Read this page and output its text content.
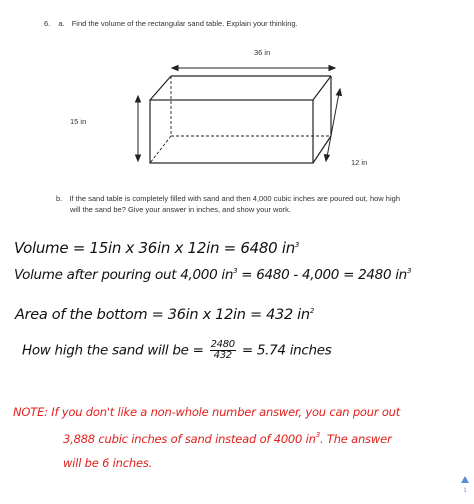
6. a. Find the volume of the rectangular sand table. Explain your thinking.
36 in
15 in
12 in
b. If the sand table is completely filled with sand and then 4,000 cubic inches are poured out, how high
will the sand be? Give your answer in inches, and show your work.
Volume = 15in x 36in x 12in = 6480 $in^3$
Volume after pouring out 4,000 $in^3 = 6480 - 4,000 = 2480$ $in^3$
Area of the bottom = 36in x 12in = 432 $in^2$
How high the sand will be = $\frac{2480}{432} = 5.74$ inches
NOTE: If you don't like a non-whole number answer, you can pour out
3,888 cubic inches of sand instead of 4000 $in^3$. The answer
will be 6 inches.
1
